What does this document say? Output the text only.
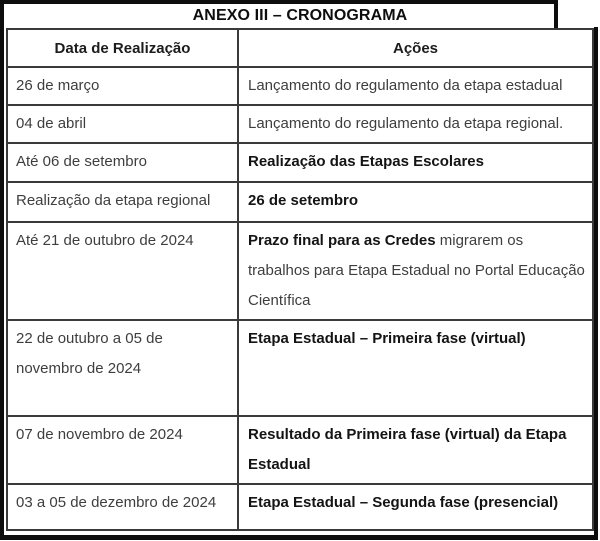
ANEXO III – CRONOGRAMA
Data de Realização	Ações
26 de março	Lançamento do regulamento da etapa estadual
04 de abril	Lançamento do regulamento da etapa regional.
Até 06 de setembro	Realização das Etapas Escolares
Realização da etapa regional	26 de setembro
Até 21 de outubro de 2024	Prazo final para as Credes migrarem os trabalhos para Etapa Estadual no Portal Educação Científica
22 de outubro a 05 de novembro de 2024	Etapa Estadual – Primeira fase (virtual)
07 de novembro de 2024	Resultado da Primeira fase (virtual) da Etapa Estadual
03 a 05 de dezembro de 2024	Etapa Estadual – Segunda fase (presencial)
